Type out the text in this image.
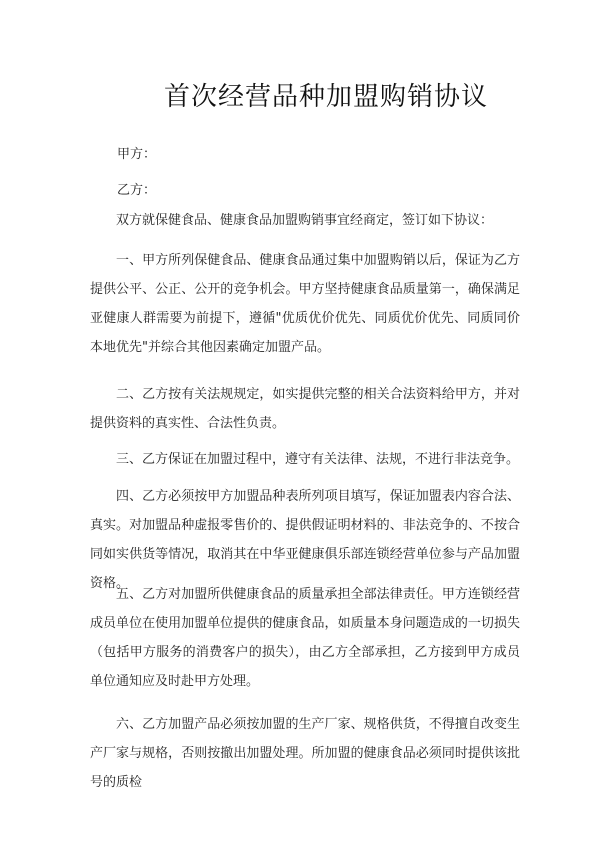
首次经营品种加盟购销协议
甲方：
乙方：

双方就保健食品、健康食品加盟购销事宜经商定，签订如下协议：

一、甲方所列保健食品、健康食品通过集中加盟购销以后，保证为乙方提供公平、公正、公开的竞争机会。甲方坚持健康食品质量第一，确保满足亚健康人群需要为前提下，遵循"优质优价优先、同质优价优先、同质同价本地优先"并综合其他因素确定加盟产品。

二、乙方按有关法规规定，如实提供完整的相关合法资料给甲方，并对提供资料的真实性、合法性负责。

三、乙方保证在加盟过程中，遵守有关法律、法规，不进行非法竞争。

四、乙方必须按甲方加盟品种表所列项目填写，保证加盟表内容合法、真实。对加盟品种虚报零售价的、提供假证明材料的、非法竞争的、不按合同如实供货等情况，取消其在中华亚健康俱乐部连锁经营单位参与产品加盟资格。

五、乙方对加盟所供健康食品的质量承担全部法律责任。甲方连锁经营成员单位在使用加盟单位提供的健康食品，如质量本身问题造成的一切损失（包括甲方服务的消费客户的损失），由乙方全部承担，乙方接到甲方成员单位通知应及时赴甲方处理。

六、乙方加盟产品必须按加盟的生产厂家、规格供货，不得擅自改变生产厂家与规格，否则按撤出加盟处理。所加盟的健康食品必须同时提供该批号的质检
